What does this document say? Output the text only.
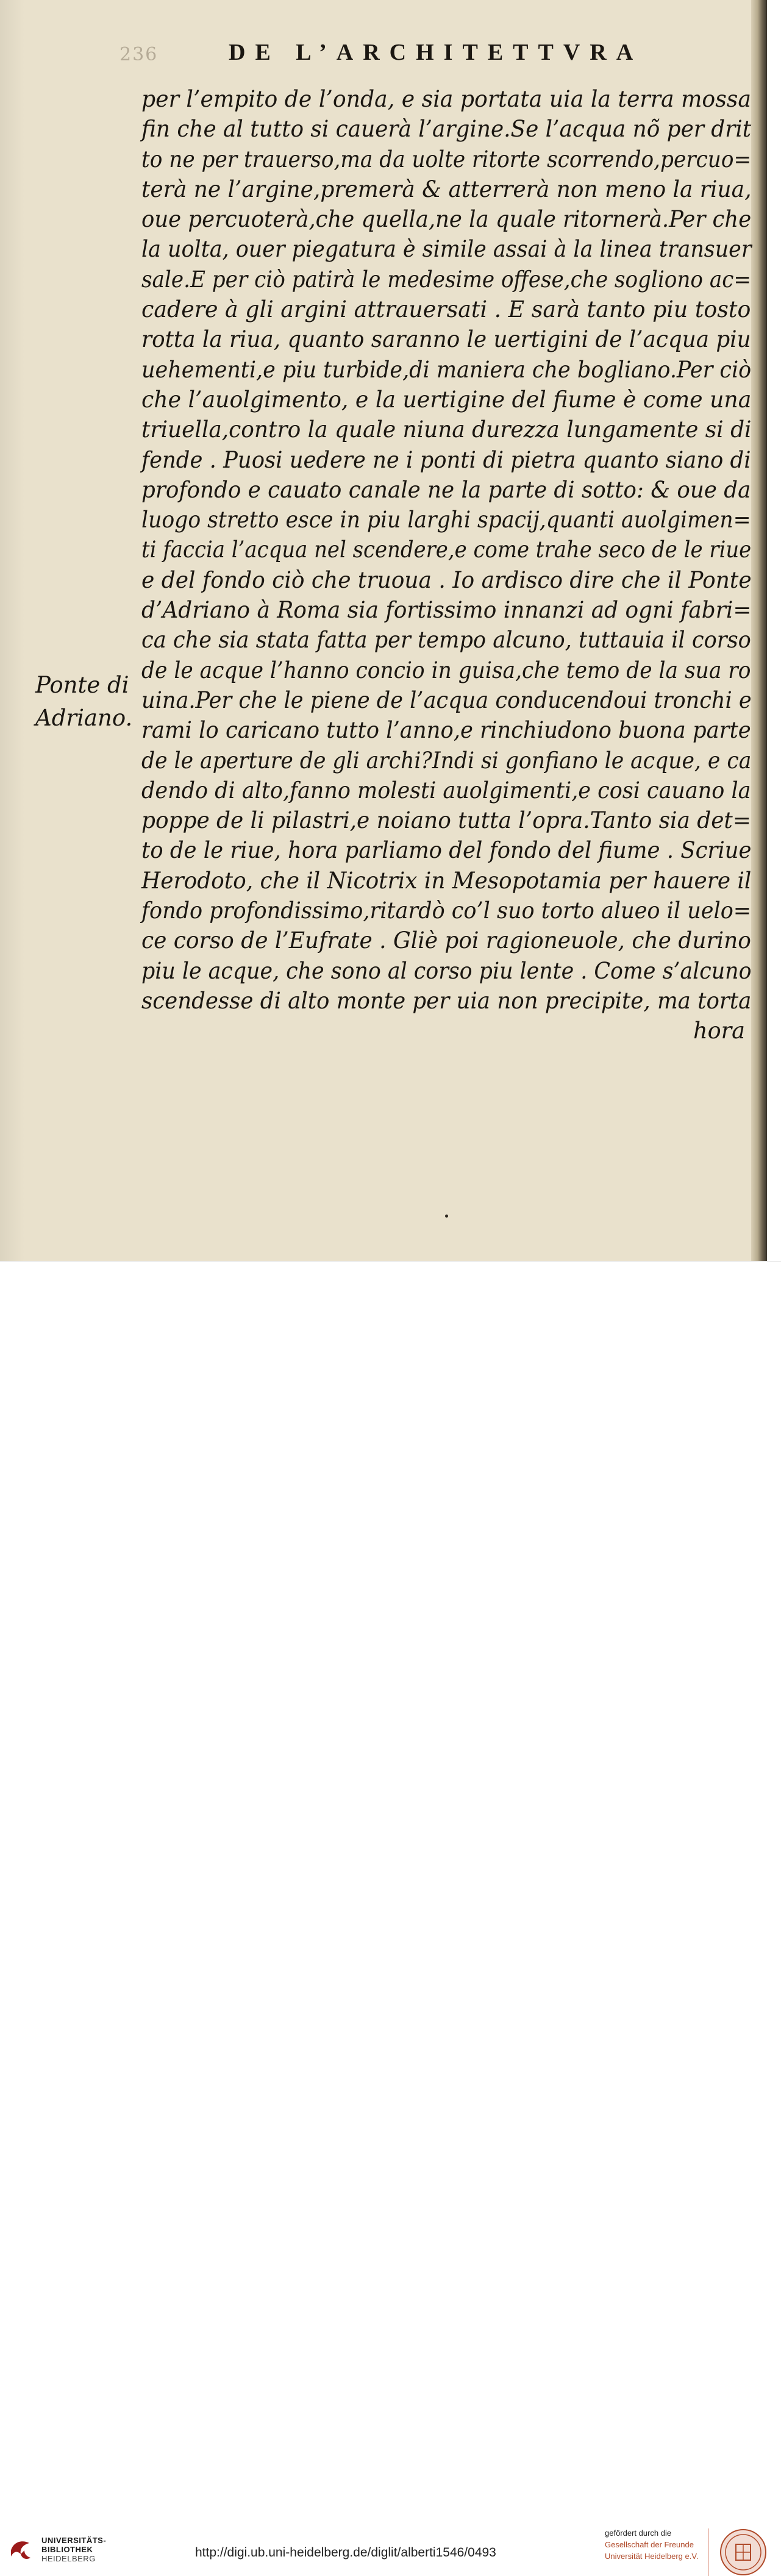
236	DE L’ARCHITETTVRA
per l’empito de l’onda, e sia portata uia la terra mossa
fin che al tutto si cauerà l’argine.Se l’acqua nõ per drit
to ne per trauerso,ma da uolte ritorte scorrendo,percuo=
terà ne l’argine,premerà & atterrerà non meno la riua,
oue percuoterà,che quella,ne la quale ritornerà.Per che
la uolta, ouer piegatura è simile assai à la linea transuer
sale.E per ciò patirà le medesime offese,che sogliono ac=
cadere à gli argini attrauersati . E sarà tanto piu tosto
rotta la riua, quanto saranno le uertigini de l’acqua piu
uehementi,e piu turbide,di maniera che bogliano.Per ciò
che l’auolgimento, e la uertigine del fiume è come una
triuella,contro la quale niuna durezza lungamente si di
fende . Puosi uedere ne i ponti di pietra quanto siano di
profondo e cauato canale ne la parte di sotto: & oue da
luogo stretto esce in piu larghi spacij,quanti auolgimen=
ti faccia l’acqua nel scendere,e come trahe seco de le riue
e del fondo ciò che truoua . Io ardisco dire che il Ponte
d’Adriano à Roma sia fortissimo innanzi ad ogni fabri=
ca che sia stata fatta per tempo alcuno, tuttauia il corso
de le acque l’hanno concio in guisa,che temo de la sua ro
uina.Per che le piene de l’acqua conducendoui tronchi e
rami lo caricano tutto l’anno,e rinchiudono buona parte
de le aperture de gli archi?Indi si gonfiano le acque, e ca
dendo di alto,fanno molesti auolgimenti,e cosi cauano la
poppe de li pilastri,e noiano tutta l’opra.Tanto sia det=
to de le riue, hora parliamo del fondo del fiume . Scriue
Herodoto, che il Nicotrix in Mesopotamia per hauere il
fondo profondissimo,ritardò co’l suo torto alueo il uelo=
ce corso de l’Eufrate . Gliè poi ragioneuole, che durino
piu le acque, che sono al corso piu lente . Come s’alcuno
scendesse di alto monte per uia non precipite, ma torta
hora
Ponte di
Adriano.
UNIVERSITÄTS-
BIBLIOTHEK
HEIDELBERG	http://digi.ub.uni-heidelberg.de/diglit/alberti1546/0493
gefördert durch die
Gesellschaft der Freunde
Universität Heidelberg e.V.
